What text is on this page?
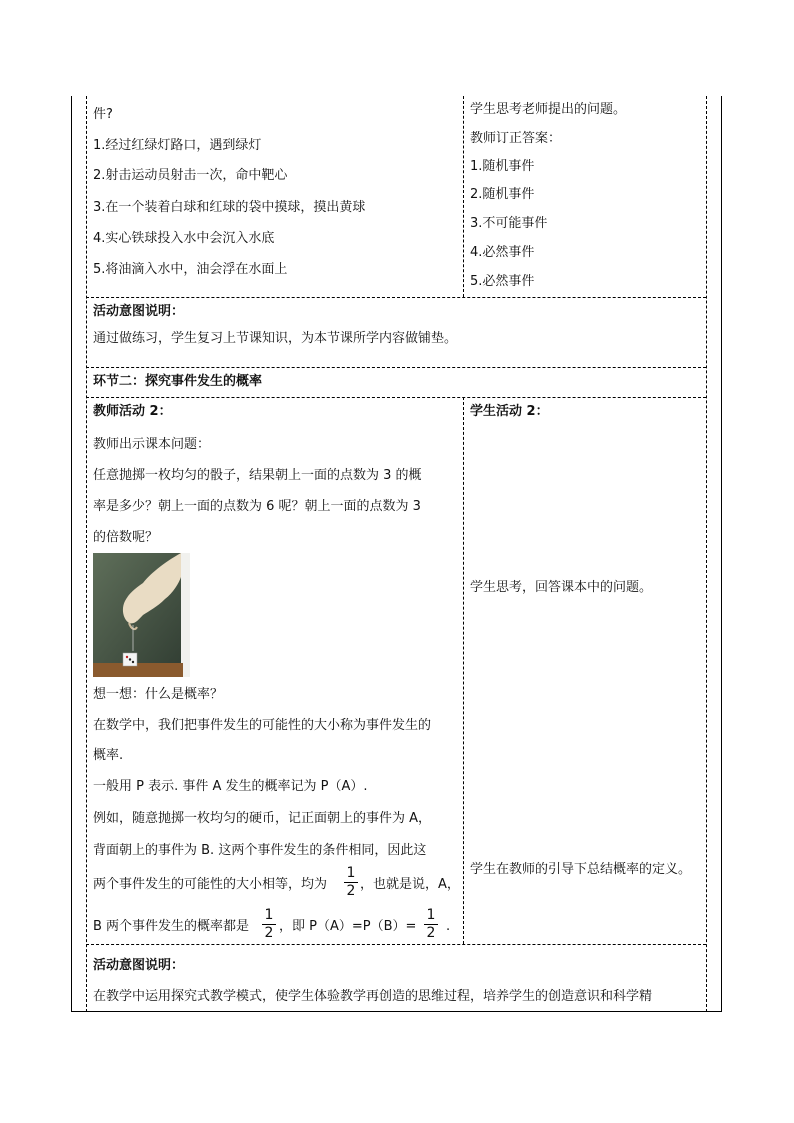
件?
1.经过红绿灯路口，遇到绿灯
2.射击运动员射击一次，命中靶心
3.在一个装着白球和红球的袋中摸球，摸出黄球
4.实心铁球投入水中会沉入水底
5.将油滴入水中，油会浮在水面上
学生思考老师提出的问题。
教师订正答案：
1.随机事件
2.随机事件
3.不可能事件
4.必然事件
5.必然事件
活动意图说明：
通过做练习，学生复习上节课知识，为本节课所学内容做铺垫。
环节二：探究事件发生的概率
教师活动 2：	学生活动 2：
教师出示课本问题：
任意抛掷一枚均匀的骰子，结果朝上一面的点数为 3 的概
率是多少？朝上一面的点数为 6 呢？朝上一面的点数为 3
的倍数呢？
想一想：什么是概率？
在数学中，我们把事件发生的可能性的大小称为事件发生的
概率.
一般用 P 表示. 事件 A 发生的概率记为 P（A）.
例如，随意抛掷一枚均匀的硬币，记正面朝上的事件为 A，
背面朝上的事件为 B. 这两个事件发生的条件相同，因此这
两个事件发生的可能性的大小相等，均为
1
2 ，也就是说，A，
B 两个事件发生的概率都是
1
2 ，即 P（A）=P（B）=
1
2 .
学生思考，回答课本中的问题。
学生在教师的引导下总结概率的定义。
活动意图说明：
在教学中运用探究式教学模式，使学生体验教学再创造的思维过程，培养学生的创造意识和科学精
